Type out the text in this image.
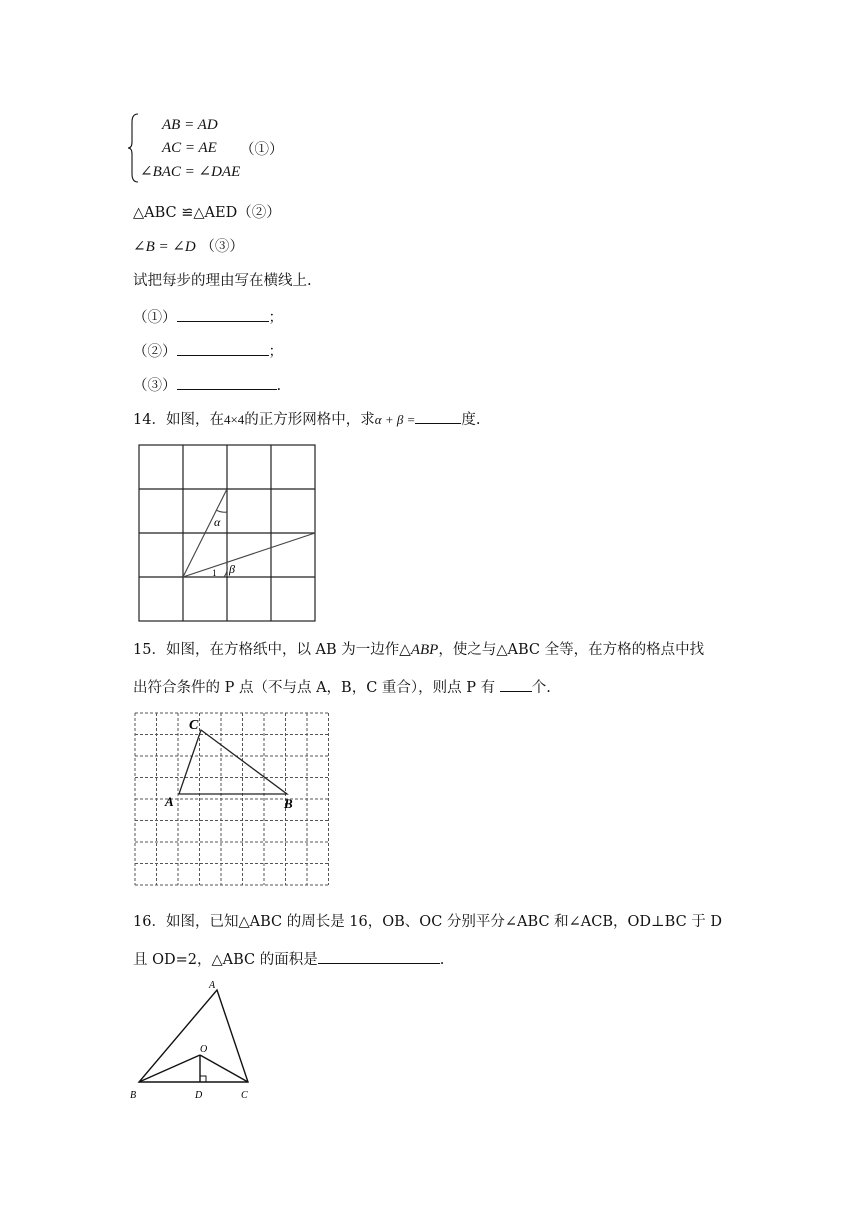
AB = AD
AC = AE （①）
∠BAC = ∠DAE
△ABC ≌△AED（②）
∠B = ∠D （③）
试把每步的理由写在横线上.
（①）	；
（②）	；
（③）	.
14．如图，在4×4的正方形网格中，求α + β =	度.
α
β
1
15．如图，在方格纸中，以 AB 为一边作△ABP，使之与△ABC 全等，在方格的格点中找
出符合条件的 P 点（不与点 A，B，C 重合），则点 P 有 个.
C
A	B
16．如图，已知△ABC 的周长是 16，OB、OC 分别平分∠ABC 和∠ACB，OD⊥BC 于 D
且 OD=2，△ABC 的面积是	.
A
O
B	D	C
